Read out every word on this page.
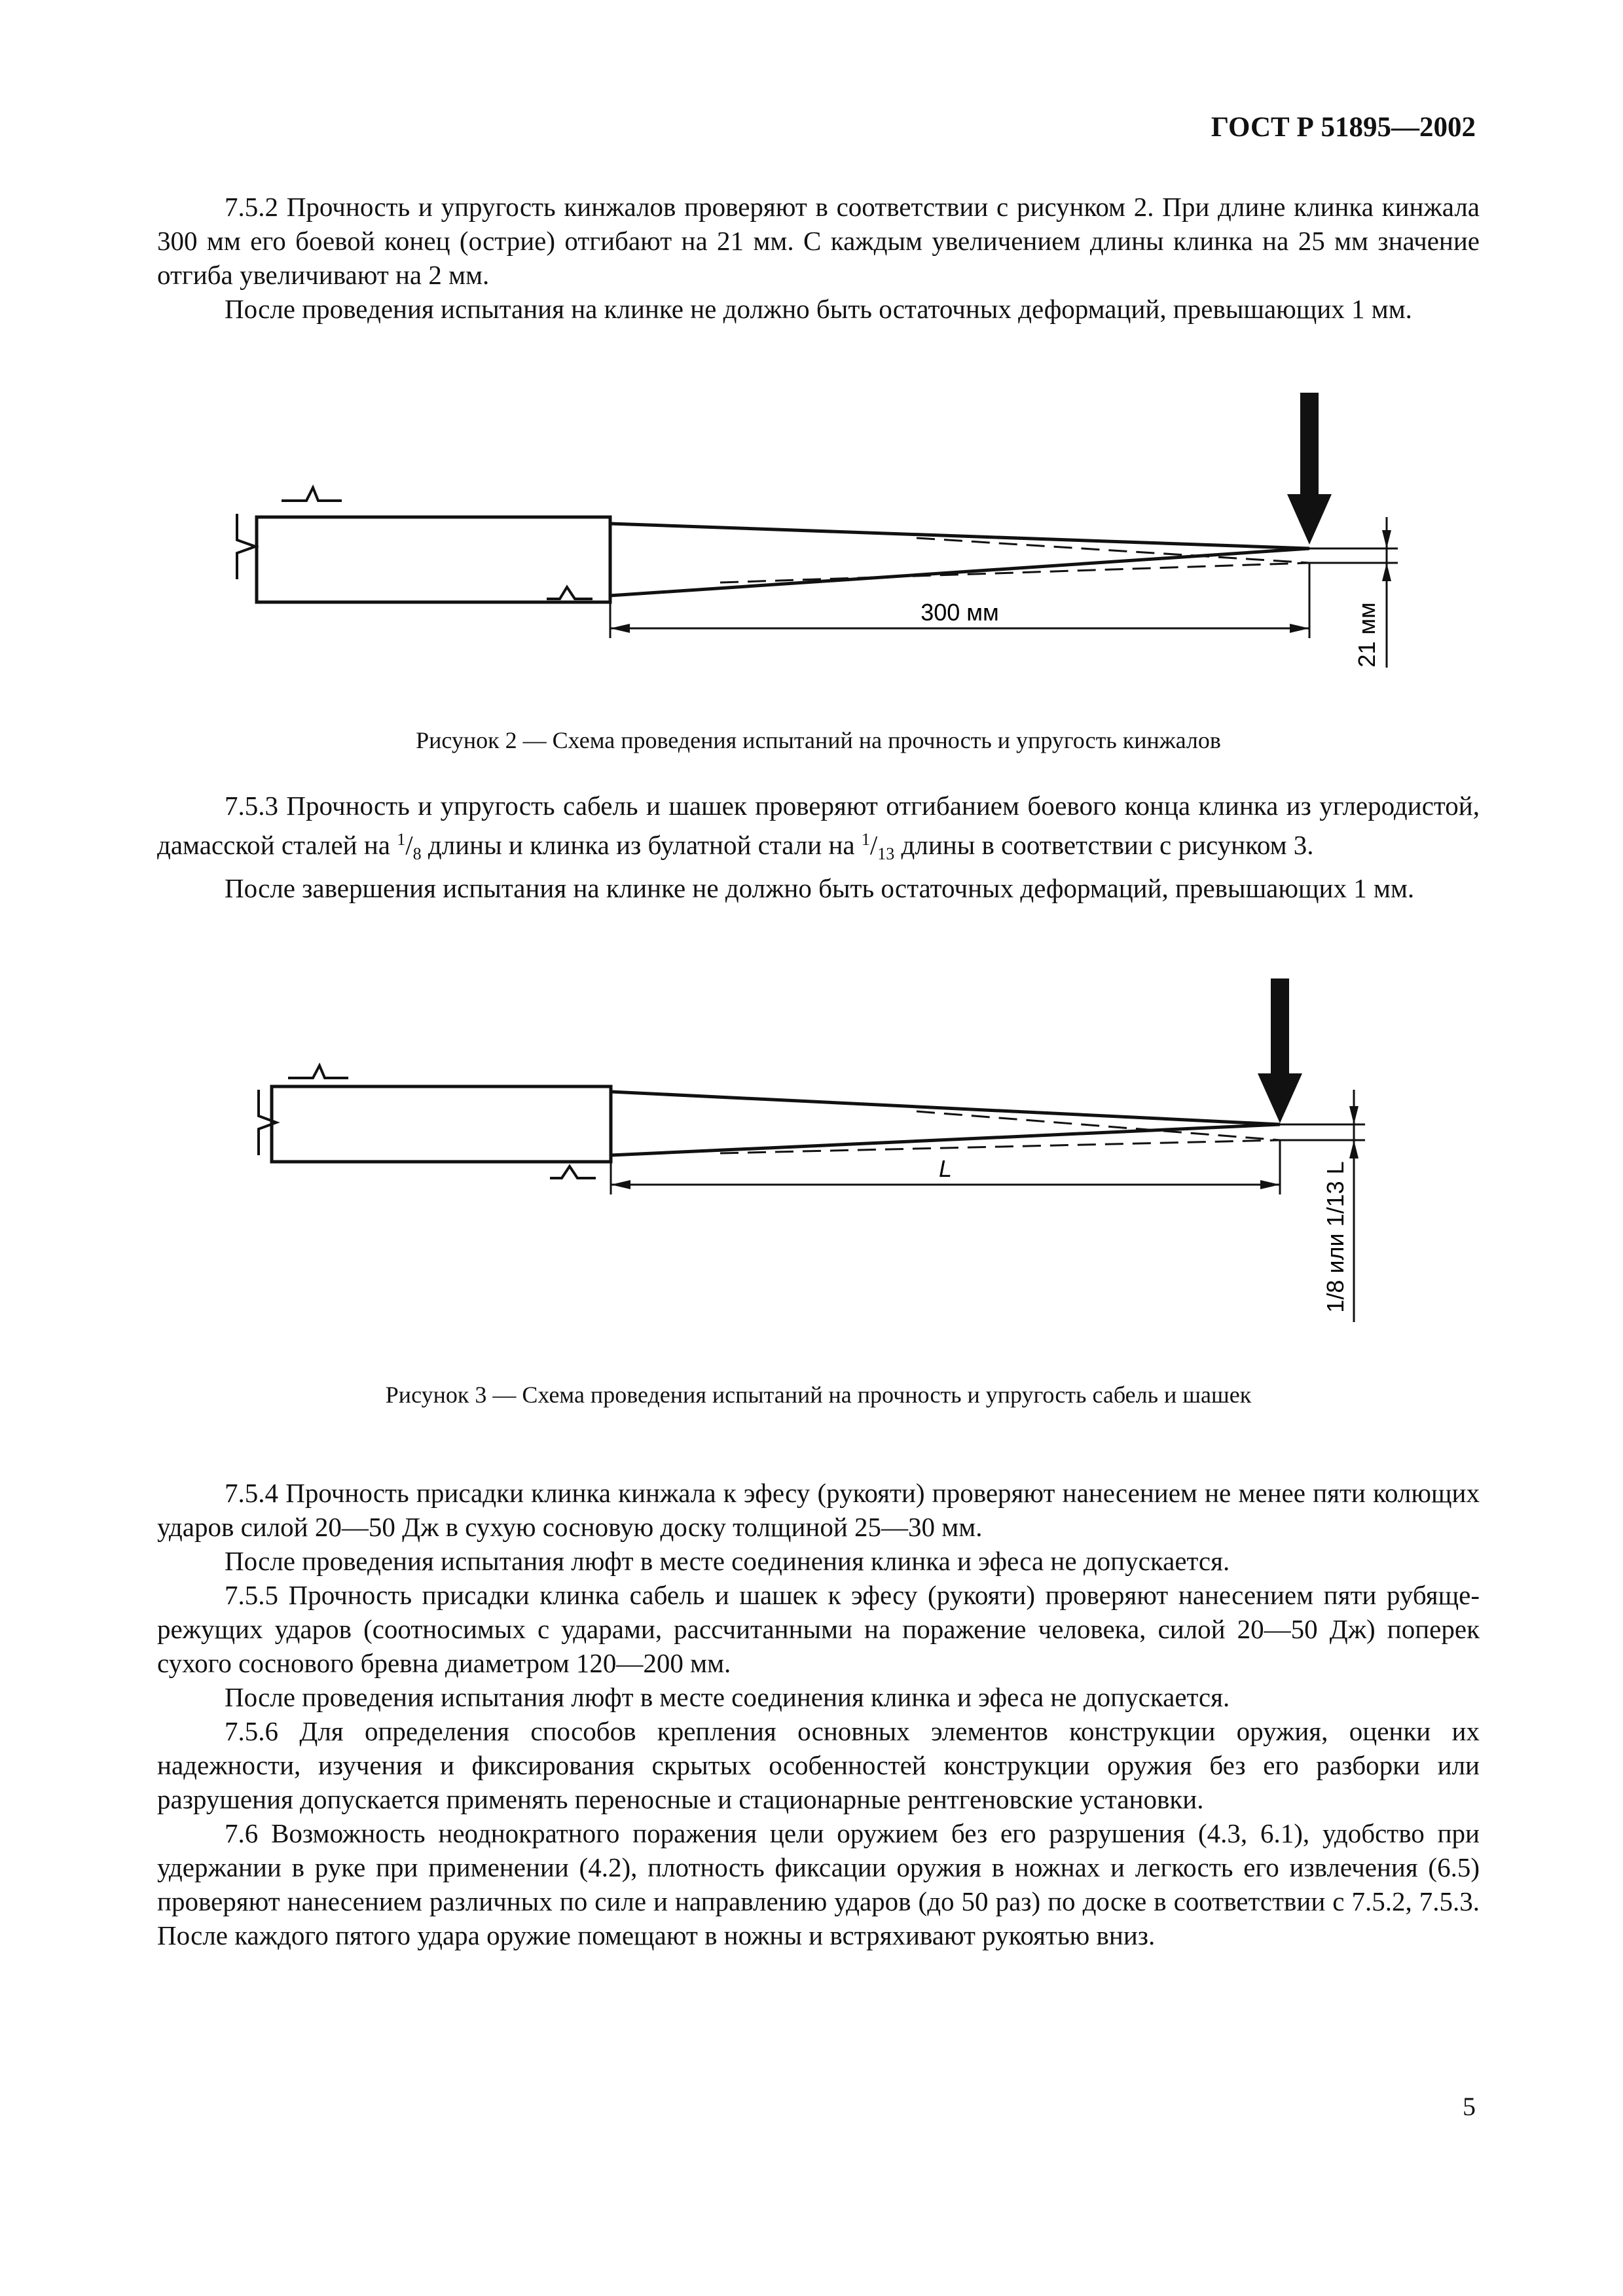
ГОСТ Р 51895—2002

7.5.2 Прочность и упругость кинжалов проверяют в соответствии с рисунком 2. При длине клинка кинжала 300 мм его боевой конец (острие) отгибают на 21 мм. С каждым увеличением длины клинка на 25 мм значение отгиба увеличивают на 2 мм.

После проведения испытания на клинке не должно быть остаточных деформаций, превышающих 1 мм.

300 мм	21 мм
Рисунок 2 — Схема проведения испытаний на прочность и упругость кинжалов

7.5.3 Прочность и упругость сабель и шашек проверяют отгибанием боевого конца клинка из углеродистой, дамасской сталей на $^1/_8$ длины и клинка из булатной стали на $^1/_{13}$ длины в соответствии с рисунком 3.

После завершения испытания на клинке не должно быть остаточных деформаций, превышающих 1 мм.

L	1/8 или 1/13 L
Рисунок 3 — Схема проведения испытаний на прочность и упругость сабель и шашек

7.5.4 Прочность присадки клинка кинжала к эфесу (рукояти) проверяют нанесением не менее пяти колющих ударов силой 20—50 Дж в сухую сосновую доску толщиной 25—30 мм.

После проведения испытания люфт в месте соединения клинка и эфеса не допускается.

7.5.5 Прочность присадки клинка сабель и шашек к эфесу (рукояти) проверяют нанесением пяти рубяще-режущих ударов (соотносимых с ударами, рассчитанными на поражение человека, силой 20—50 Дж) поперек сухого соснового бревна диаметром 120—200 мм.

После проведения испытания люфт в месте соединения клинка и эфеса не допускается.

7.5.6 Для определения способов крепления основных элементов конструкции оружия, оценки их надежности, изучения и фиксирования скрытых особенностей конструкции оружия без его разборки или разрушения допускается применять переносные и стационарные рентгеновские установки.

7.6 Возможность неоднократного поражения цели оружием без его разрушения (4.3, 6.1), удобство при удержании в руке при применении (4.2), плотность фиксации оружия в ножнах и легкость его извлечения (6.5) проверяют нанесением различных по силе и направлению ударов (до 50 раз) по доске в соответствии с 7.5.2, 7.5.3. После каждого пятого удара оружие помещают в ножны и встряхивают рукоятью вниз.

5
